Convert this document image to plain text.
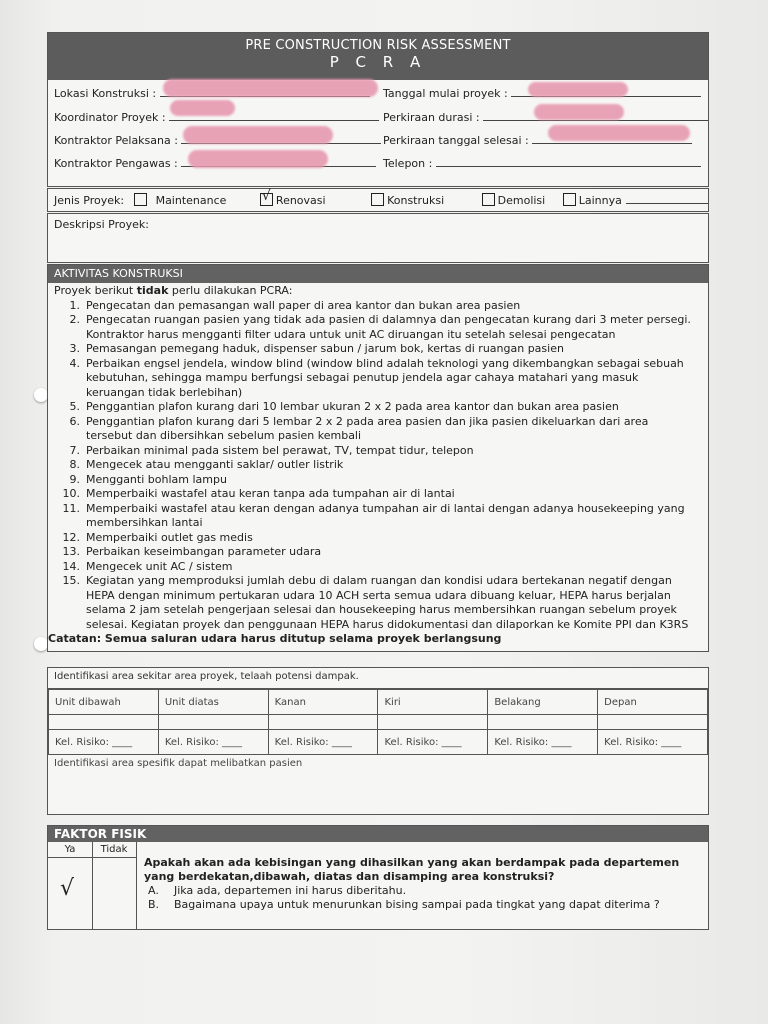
PRE CONSTRUCTION RISK ASSESSMENT
P C R A
Lokasi Konstruksi :
Koordinator Proyek :
Kontraktor Pelaksana :
Kontraktor Pengawas :
Tanggal mulai proyek :
Perkiraan durasi :
Perkiraan tanggal selesai :
Telepon :
Jenis Proyek:	Maintenance	√ Renovasi	Konstruksi	Demolisi	Lainnya
Deskripsi Proyek:
AKTIVITAS KONSTRUKSI
Proyek berikut tidak perlu dilakukan PCRA:
1. Pengecatan dan pemasangan wall paper di area kantor dan bukan area pasien
2. Pengecatan ruangan pasien yang tidak ada pasien di dalamnya dan pengecatan kurang dari 3 meter persegi. Kontraktor harus mengganti filter udara untuk unit AC diruangan itu setelah selesai pengecatan
3. Pemasangan pemegang haduk, dispenser sabun / jarum bok, kertas di ruangan pasien
4. Perbaikan engsel jendela, window blind (window blind adalah teknologi yang dikembangkan sebagai sebuah kebutuhan, sehingga mampu berfungsi sebagai penutup jendela agar cahaya matahari yang masuk keruangan tidak berlebihan)
5. Penggantian plafon kurang dari 10 lembar ukuran 2 x 2 pada area kantor dan bukan area pasien
6. Penggantian plafon kurang dari 5 lembar 2 x 2 pada area pasien dan jika pasien dikeluarkan dari area tersebut dan dibersihkan sebelum pasien kembali
7. Perbaikan minimal pada sistem bel perawat, TV, tempat tidur, telepon
8. Mengecek atau mengganti saklar/ outler listrik
9. Mengganti bohlam lampu
10. Memperbaiki wastafel atau keran tanpa ada tumpahan air di lantai
11. Memperbaiki wastafel atau keran dengan adanya tumpahan air di lantai dengan adanya housekeeping yang membersihkan lantai
12. Memperbaiki outlet gas medis
13. Perbaikan keseimbangan parameter udara
14. Mengecek unit AC / sistem
15. Kegiatan yang memproduksi jumlah debu di dalam ruangan dan kondisi udara bertekanan negatif dengan HEPA dengan minimum pertukaran udara 10 ACH serta semua udara dibuang keluar, HEPA harus berjalan selama 2 jam setelah pengerjaan selesai dan housekeeping harus membersihkan ruangan sebelum proyek selesai. Kegiatan proyek dan penggunaan HEPA harus didokumentasi dan dilaporkan ke Komite PPI dan K3RS
Catatan: Semua saluran udara harus ditutup selama proyek berlangsung
Identifikasi area sekitar area proyek, telaah potensi dampak.
Unit dibawah	Unit diatas	Kanan	Kiri	Belakang	Depan

Kel. Risiko: ____	Kel. Risiko: ____	Kel. Risiko: ____	Kel. Risiko: ____	Kel. Risiko: ____	Kel. Risiko: ____
Identifikasi area spesifik dapat melibatkan pasien
FAKTOR FISIK
Ya	Tidak
√
Apakah akan ada kebisingan yang dihasilkan yang akan berdampak pada departemen yang berdekatan,dibawah, diatas dan disamping area konstruksi?
A.	Jika ada, departemen ini harus diberitahu.
B.	Bagaimana upaya untuk menurunkan bising sampai pada tingkat yang dapat diterima ?
